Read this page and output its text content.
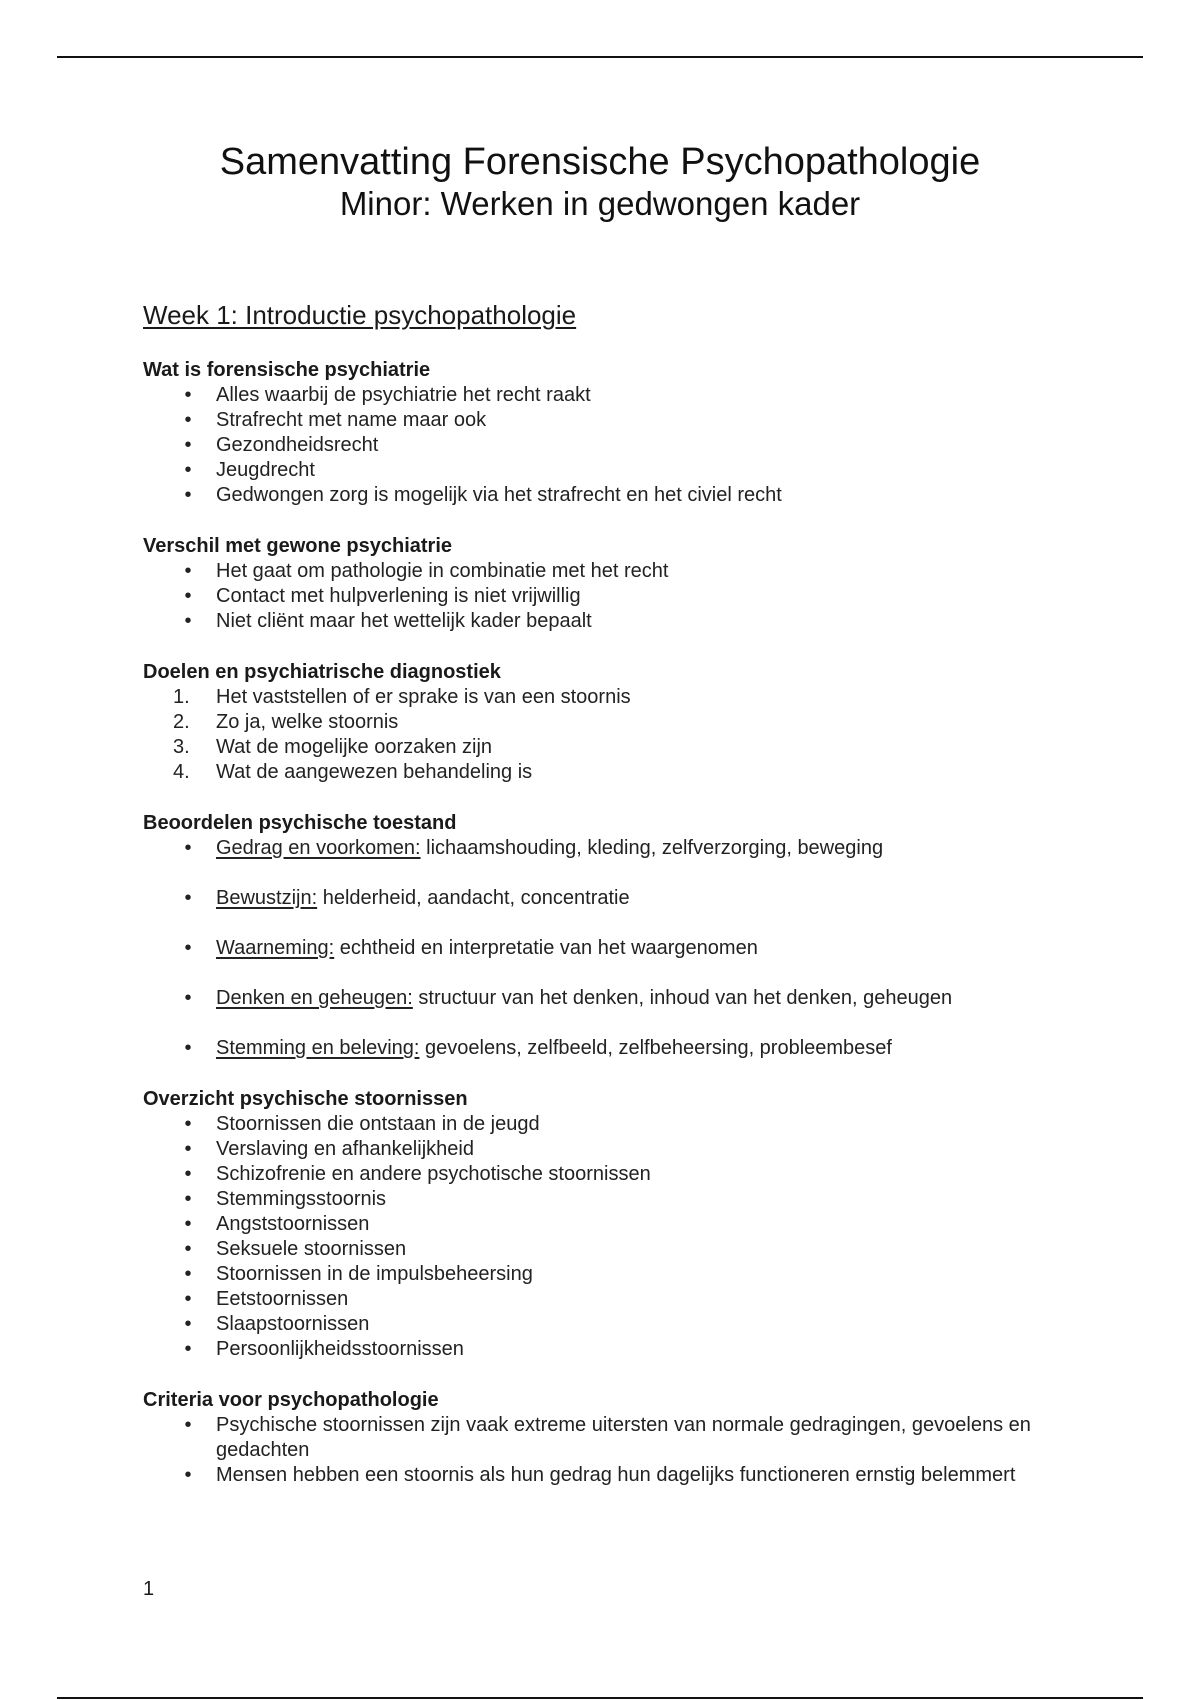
Samenvatting Forensische Psychopathologie
Minor: Werken in gedwongen kader
Week 1: Introductie psychopathologie
Wat is forensische psychiatrie
•	Alles waarbij de psychiatrie het recht raakt
•	Strafrecht met name maar ook
•	Gezondheidsrecht
•	Jeugdrecht
•	Gedwongen zorg is mogelijk via het strafrecht en het civiel recht
Verschil met gewone psychiatrie
•	Het gaat om pathologie in combinatie met het recht
•	Contact met hulpverlening is niet vrijwillig
•	Niet cliënt maar het wettelijk kader bepaalt
Doelen en psychiatrische diagnostiek
1.	Het vaststellen of er sprake is van een stoornis
2.	Zo ja, welke stoornis
3.	Wat de mogelijke oorzaken zijn
4.	Wat de aangewezen behandeling is
Beoordelen psychische toestand
•	Gedrag en voorkomen: lichaamshouding, kleding, zelfverzorging, beweging
•	Bewustzijn: helderheid, aandacht, concentratie
•	Waarneming: echtheid en interpretatie van het waargenomen
•	Denken en geheugen: structuur van het denken, inhoud van het denken, geheugen
•	Stemming en beleving: gevoelens, zelfbeeld, zelfbeheersing, probleembesef
Overzicht psychische stoornissen
•	Stoornissen die ontstaan in de jeugd
•	Verslaving en afhankelijkheid
•	Schizofrenie en andere psychotische stoornissen
•	Stemmingsstoornis
•	Angststoornissen
•	Seksuele stoornissen
•	Stoornissen in de impulsbeheersing
•	Eetstoornissen
•	Slaapstoornissen
•	Persoonlijkheidsstoornissen
Criteria voor psychopathologie
•	Psychische stoornissen zijn vaak extreme uitersten van normale gedragingen, gevoelens en gedachten
•	Mensen hebben een stoornis als hun gedrag hun dagelijks functioneren ernstig belemmert
1
